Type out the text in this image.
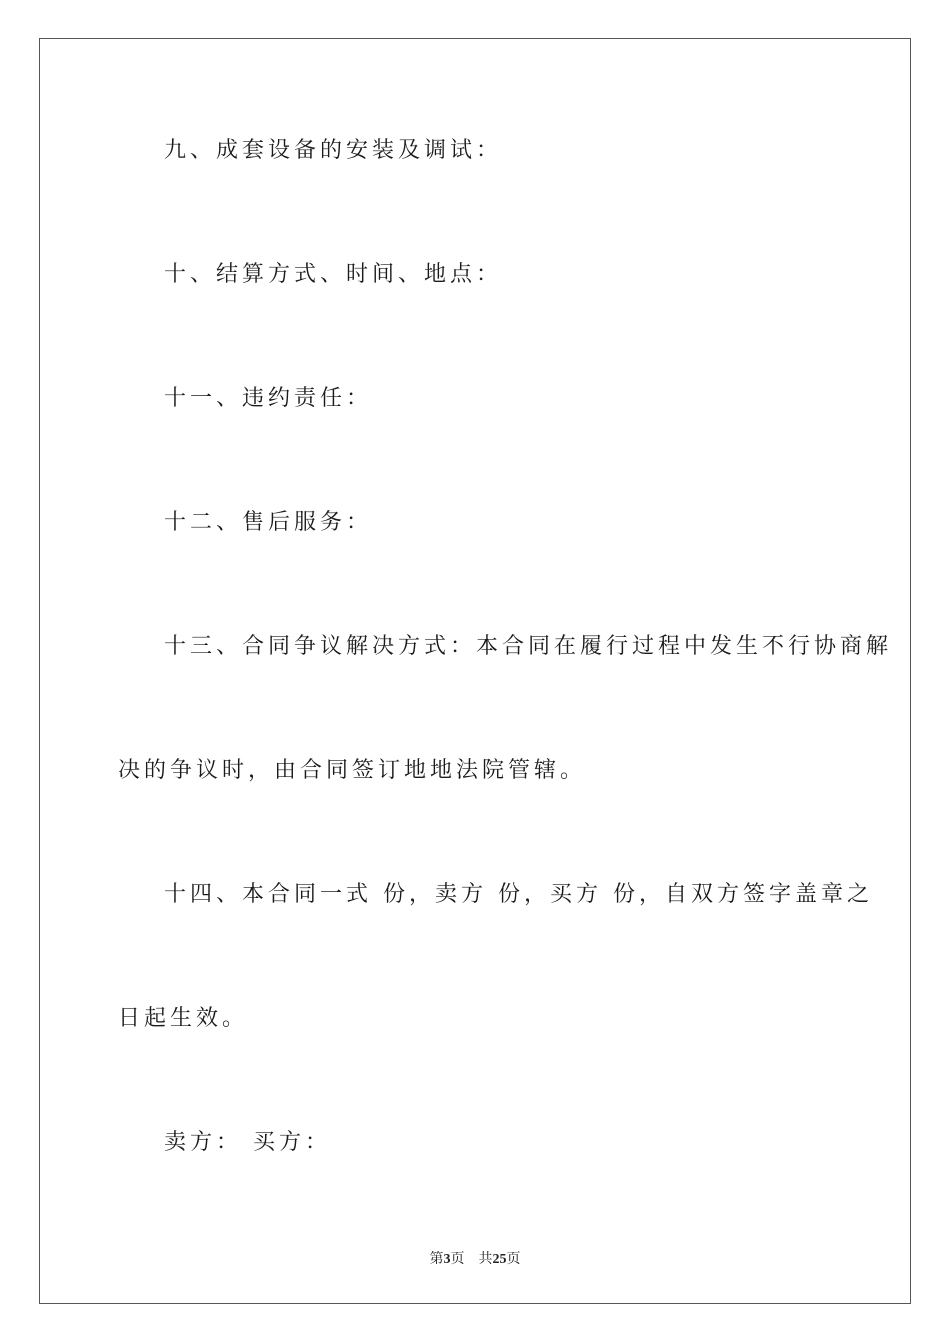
九、成套设备的安装及调试：
十、结算方式、时间、地点：
十一、违约责任：
十二、售后服务：
十三、合同争议解决方式：本合同在履行过程中发生不行协商解
决的争议时，由合同签订地地法院管辖。
十四、本合同一式 份，卖方 份，买方 份，自双方签字盖章之
日起生效。
卖方： 买方：
第3页 共25页
